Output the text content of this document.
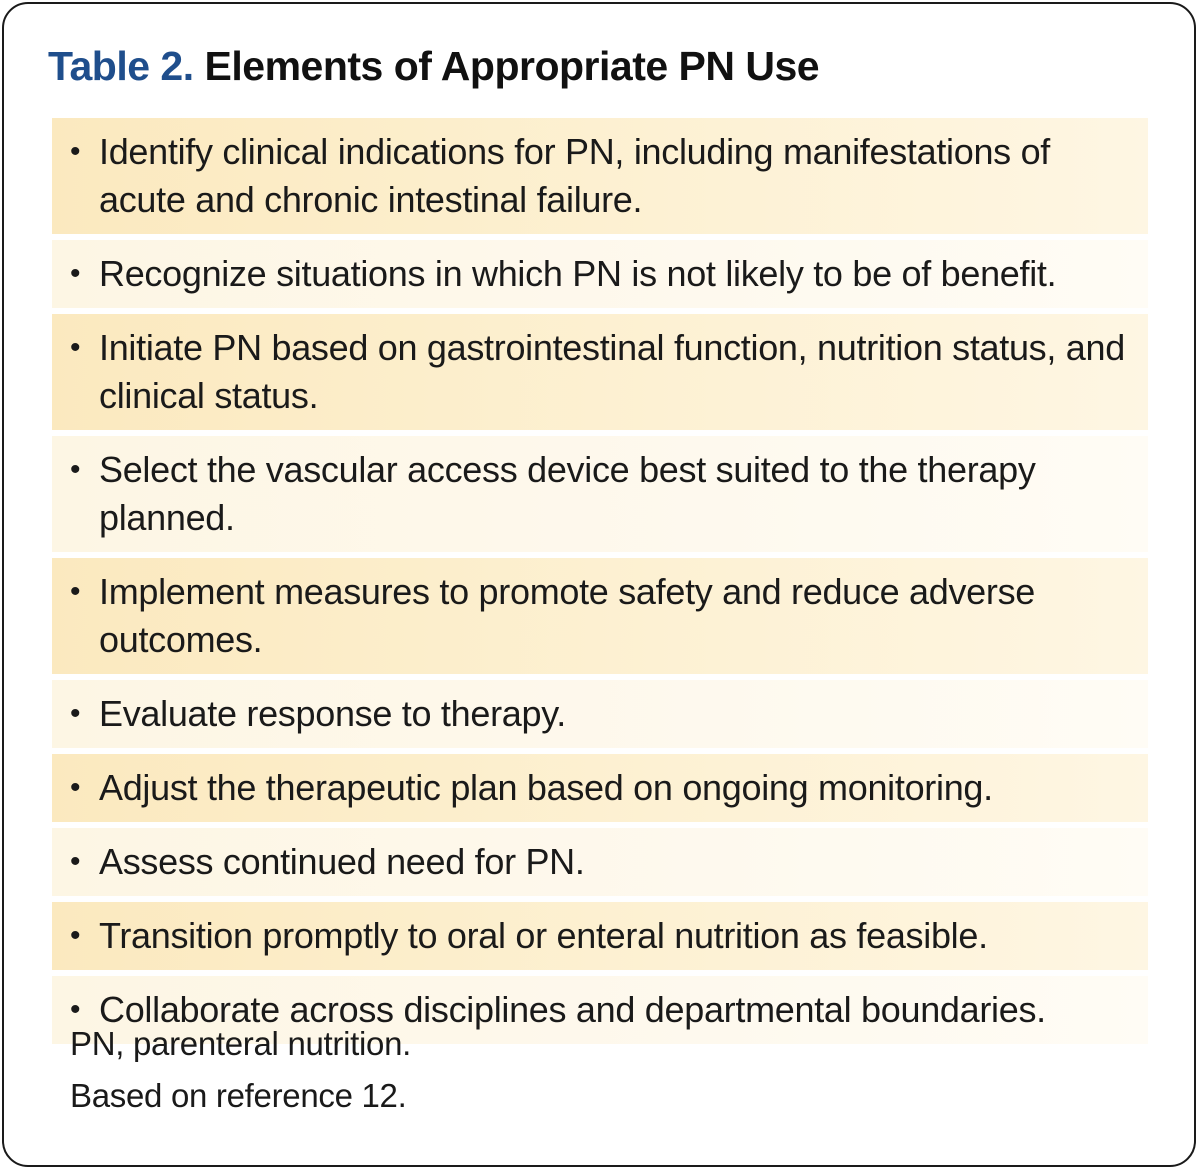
Table 2. Elements of Appropriate PN Use
• Identify clinical indications for PN, including manifestations of acute and chronic intestinal failure.
• Recognize situations in which PN is not likely to be of benefit.
• Initiate PN based on gastrointestinal function, nutrition status, and clinical status.
• Select the vascular access device best suited to the therapy planned.
• Implement measures to promote safety and reduce adverse outcomes.
• Evaluate response to therapy.
• Adjust the therapeutic plan based on ongoing monitoring.
• Assess continued need for PN.
• Transition promptly to oral or enteral nutrition as feasible.
• Collaborate across disciplines and departmental boundaries.
PN, parenteral nutrition.
Based on reference 12.
